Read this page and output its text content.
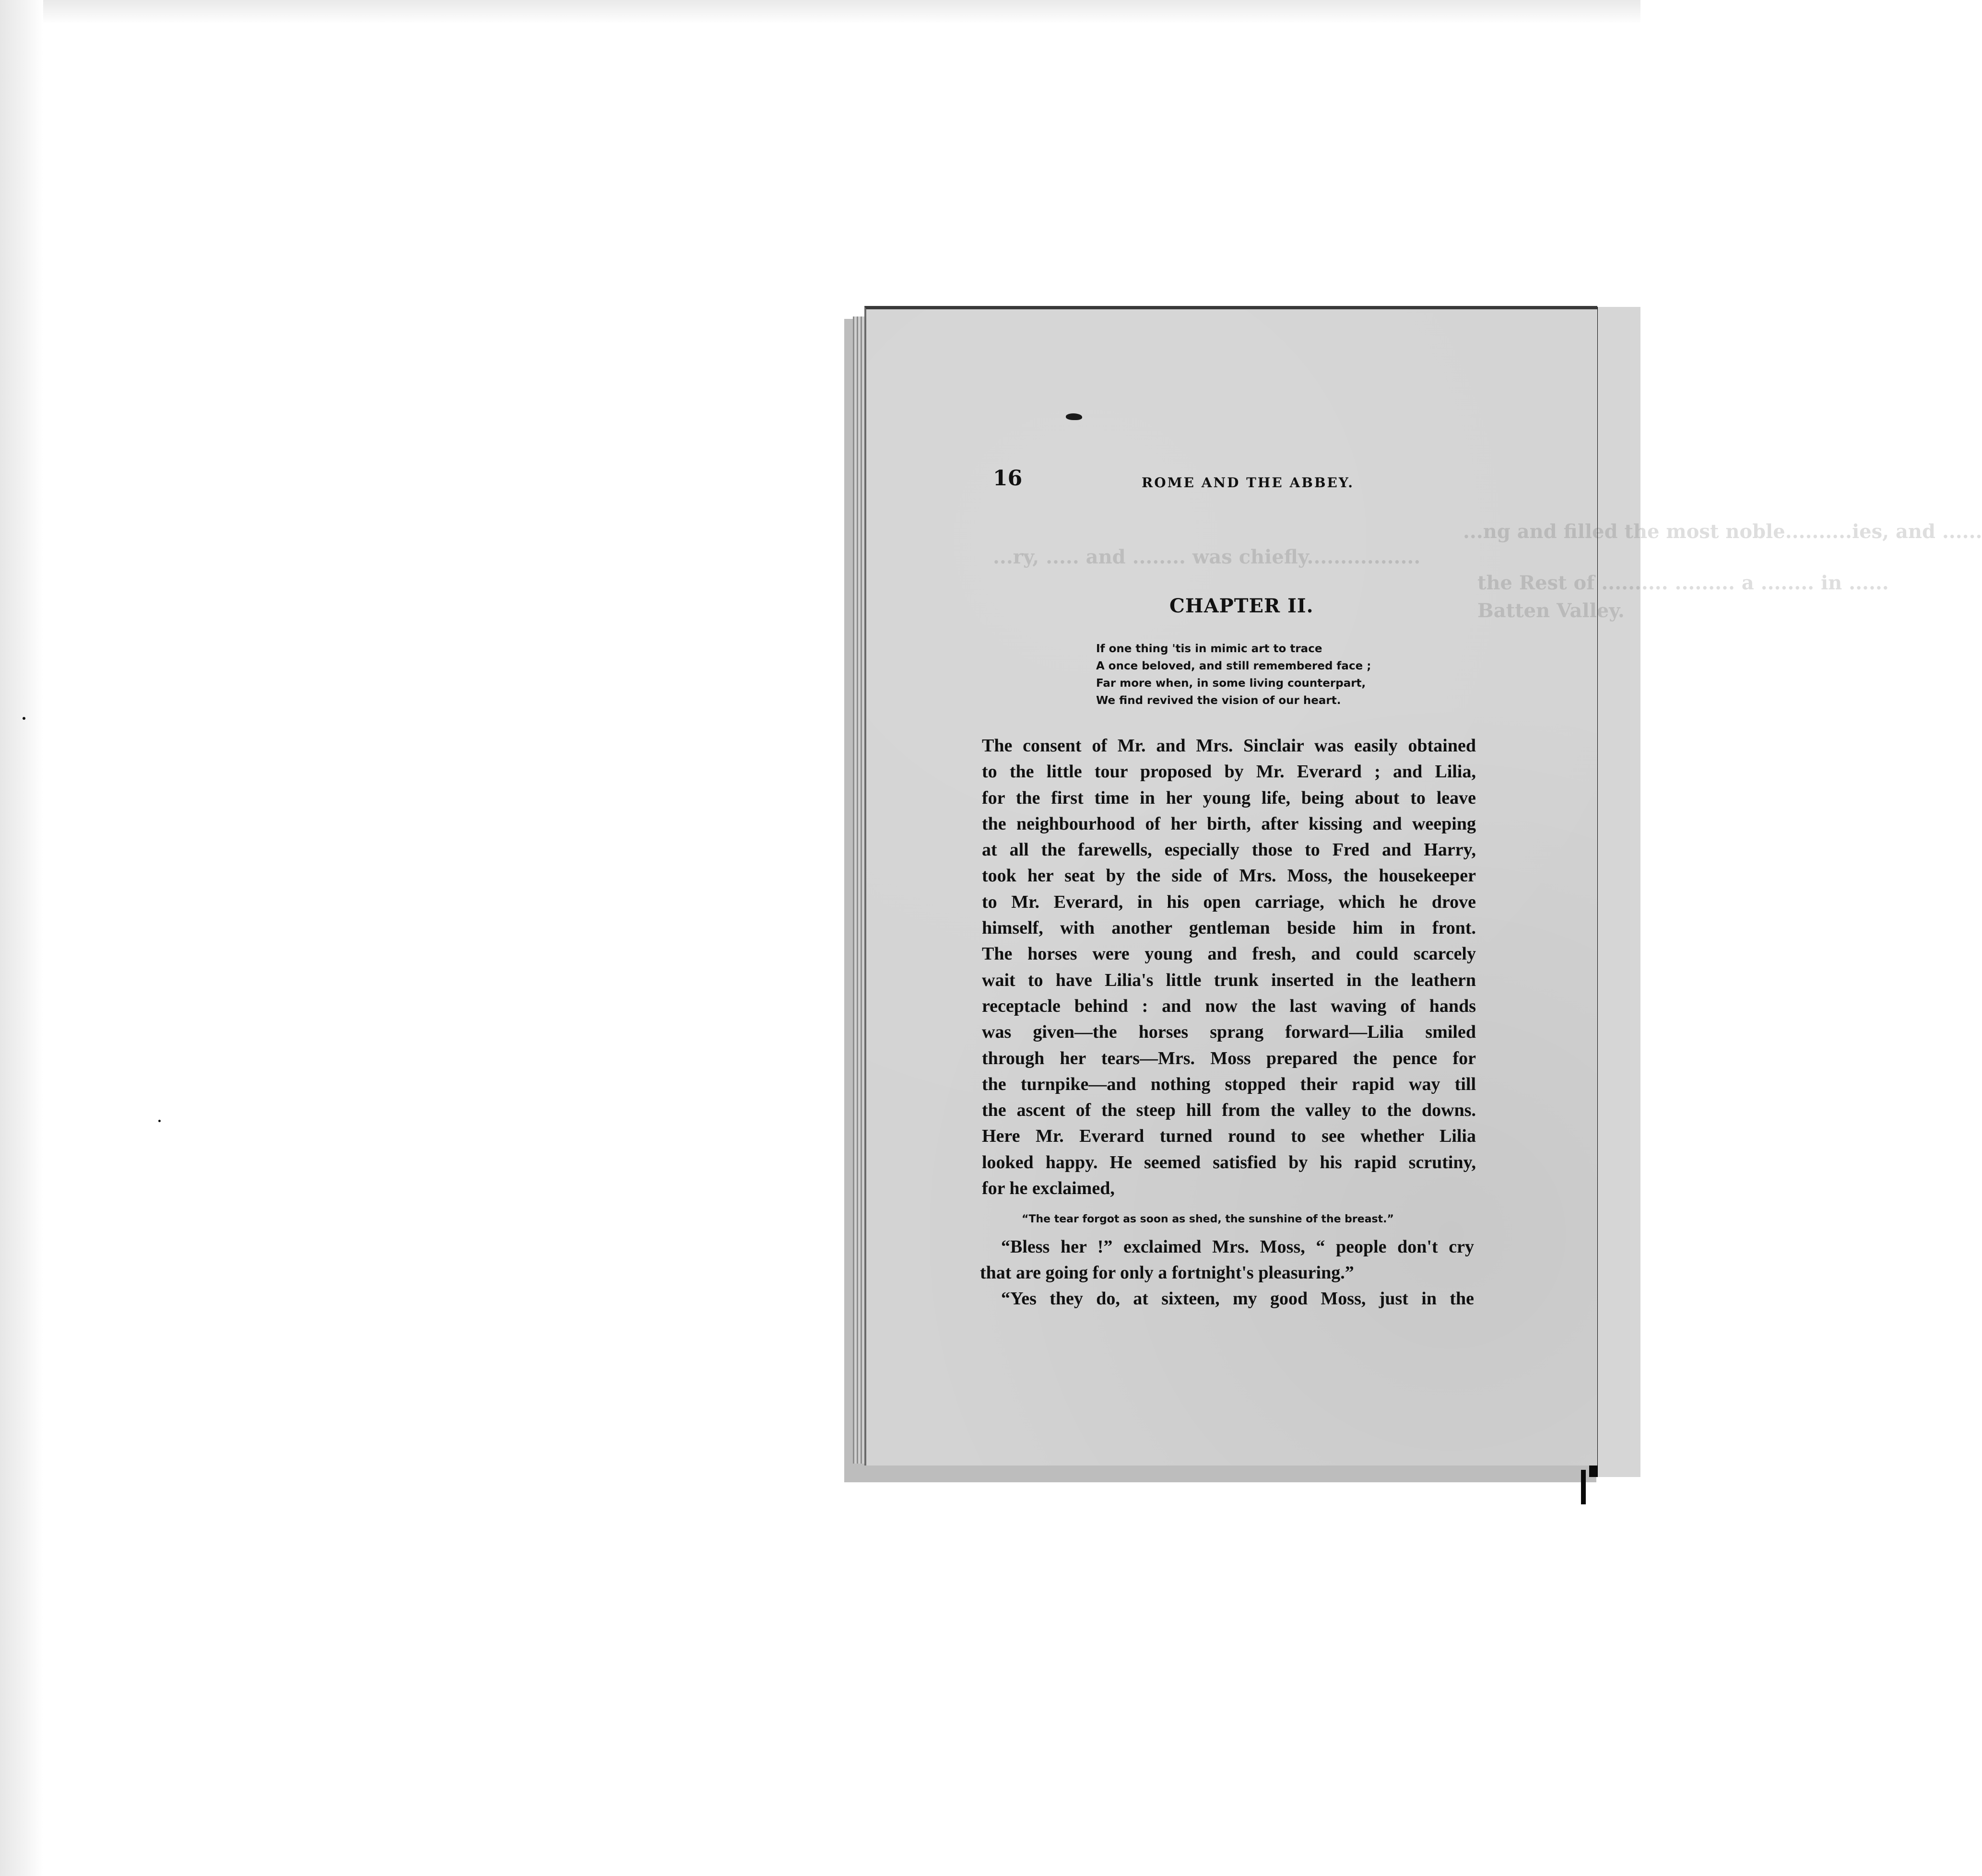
...ng and filled the most noble..........ies, and ......
...ry, ..... and ........ was chiefly.................
the Rest of .......... ......... a ........ in ......
Batten Valley.
16	ROME AND THE ABBEY.
CHAPTER II.
If one thing 'tis in mimic art to trace
A once beloved, and still remembered face ;
Far more when, in some living counterpart,
We find revived the vision of our heart.
The consent of Mr. and Mrs. Sinclair was easily obtained
to the little tour proposed by Mr. Everard ; and Lilia,
for the first time in her young life, being about to leave
the neighbourhood of her birth, after kissing and weeping
at all the farewells, especially those to Fred and Harry,
took her seat by the side of Mrs. Moss, the housekeeper
to Mr. Everard, in his open carriage, which he drove
himself, with another gentleman beside him in front.
The horses were young and fresh, and could scarcely
wait to have Lilia's little trunk inserted in the leathern
receptacle behind : and now the last waving of hands
was given—the horses sprang forward—Lilia smiled
through her tears—Mrs. Moss prepared the pence for
the turnpike—and nothing stopped their rapid way till
the ascent of the steep hill from the valley to the downs.
Here Mr. Everard turned round to see whether Lilia
looked happy. He seemed satisfied by his rapid scrutiny,
for he exclaimed,
“The tear forgot as soon as shed, the sunshine of the breast.”
“Bless her !” exclaimed Mrs. Moss, “ people don't cry
that are going for only a fortnight's pleasuring.”
“Yes they do, at sixteen, my good Moss, just in the
